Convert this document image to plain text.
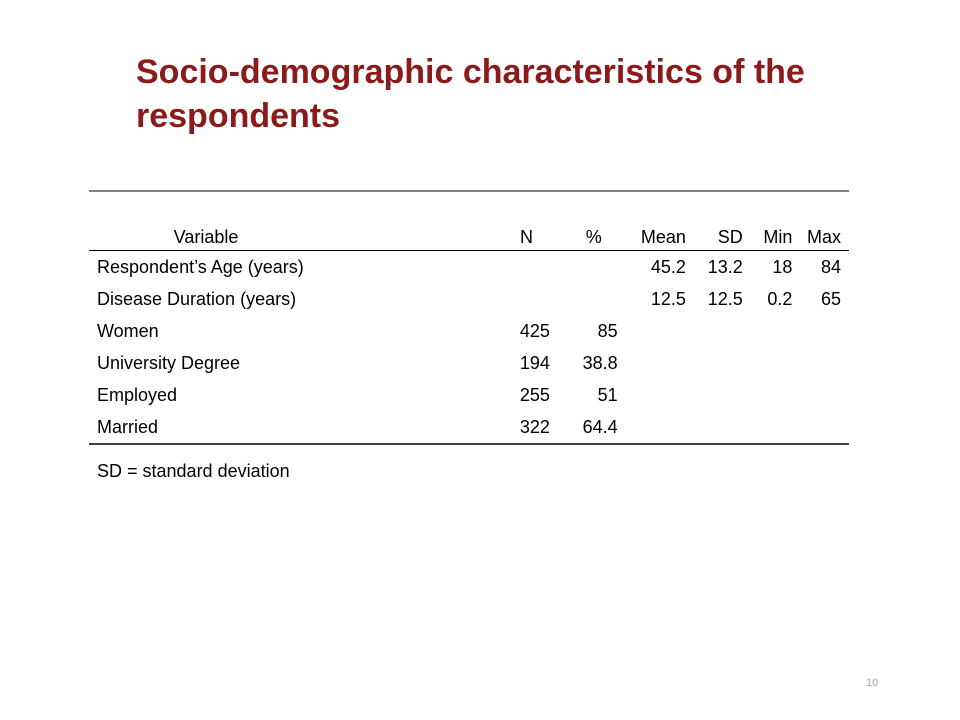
Socio-demographic characteristics of the respondents

Variable	N	%	Mean	SD	Min	Max
Respondent’s Age (years)			45.2	13.2	18	84
Disease Duration (years)			12.5	12.5	0.2	65
Women	425	85				
University Degree	194	38.8				
Employed	255	51				
Married	322	64.4				
SD = standard deviation
10
